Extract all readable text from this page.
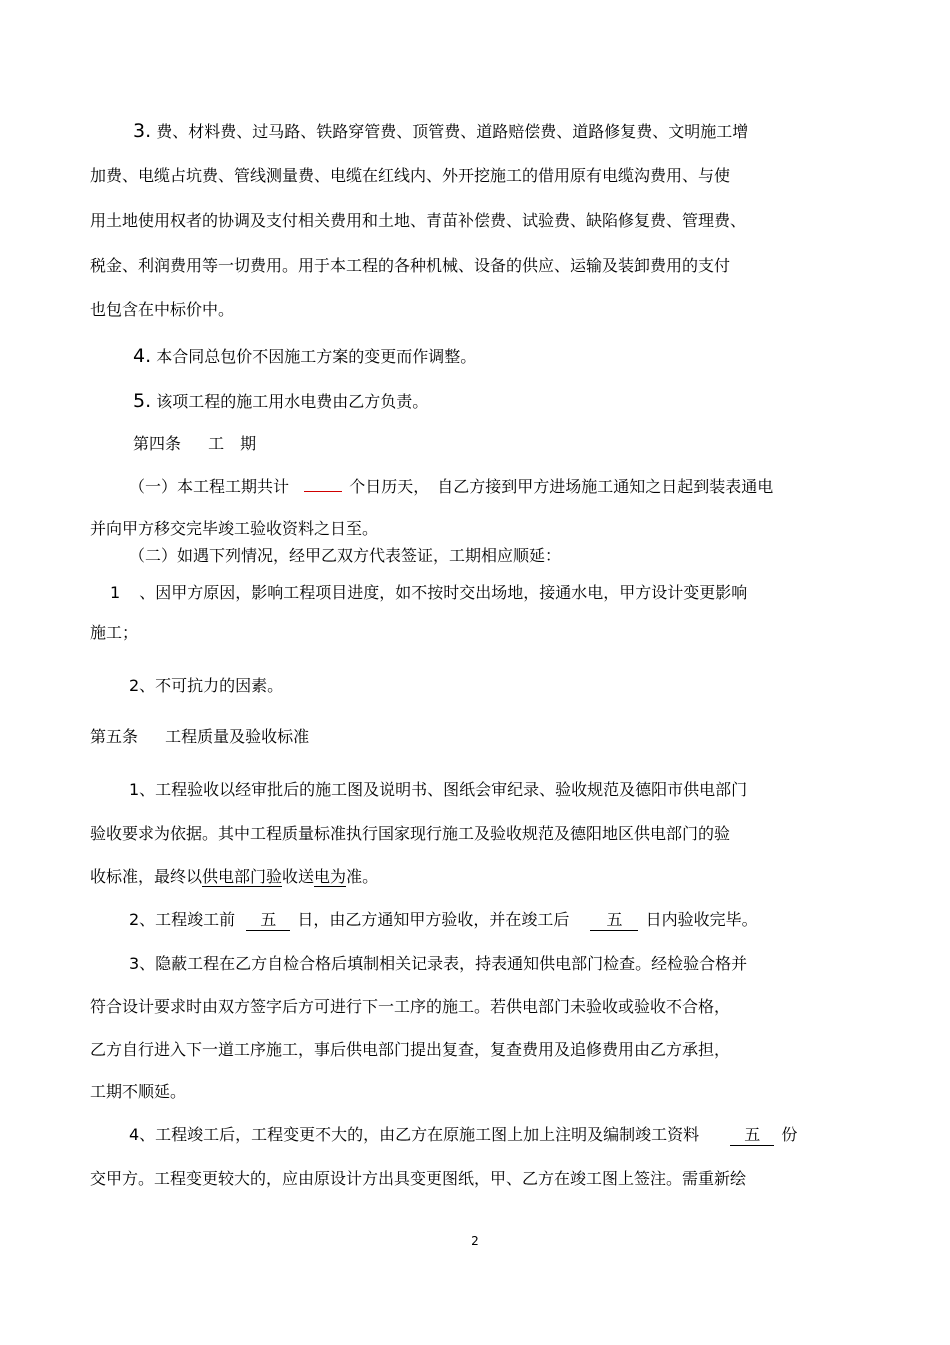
3. 费、材料费、过马路、铁路穿管费、顶管费、道路赔偿费、道路修复费、文明施工增

加费、电缆占坑费、管线测量费、电缆在红线内、外开挖施工的借用原有电缆沟费用、与使

用土地使用权者的协调及支付相关费用和土地、青苗补偿费、试验费、缺陷修复费、管理费、

税金、利润费用等一切费用。用于本工程的各种机械、设备的供应、运输及装卸费用的支付

也包含在中标价中。

4. 本合同总包价不因施工方案的变更而作调整。

5. 该项工程的施工用水电费由乙方负责。

第四条 工　期

（一）本工程工期共计	个日历天，　自乙方接到甲方进场施工通知之日起到装表通电

并向甲方移交完毕竣工验收资料之日至。

（二）如遇下列情况，经甲乙双方代表签证，工期相应顺延：

1 、因甲方原因，影响工程项目进度，如不按时交出场地，接通水电，甲方设计变更影响

施工；

2、不可抗力的因素。

第五条 工程质量及验收标准

1、工程验收以经审批后的施工图及说明书、图纸会审纪录、验收规范及德阳市供电部门

验收要求为依据。其中工程质量标准执行国家现行施工及验收规范及德阳地区供电部门的验

收标准，最终以供电部门验收送电为准。

2、工程竣工前 五 日，由乙方通知甲方验收，并在竣工后 五 日内验收完毕。

3、隐蔽工程在乙方自检合格后填制相关记录表，持表通知供电部门检查。经检验合格并

符合设计要求时由双方签字后方可进行下一工序的施工。若供电部门未验收或验收不合格，

乙方自行进入下一道工序施工，事后供电部门提出复查，复查费用及追修费用由乙方承担，

工期不顺延。

4、工程竣工后，工程变更不大的，由乙方在原施工图上加上注明及编制竣工资料	五 份

交甲方。工程变更较大的，应由原设计方出具变更图纸，甲、乙方在竣工图上签注。需重新绘

2
